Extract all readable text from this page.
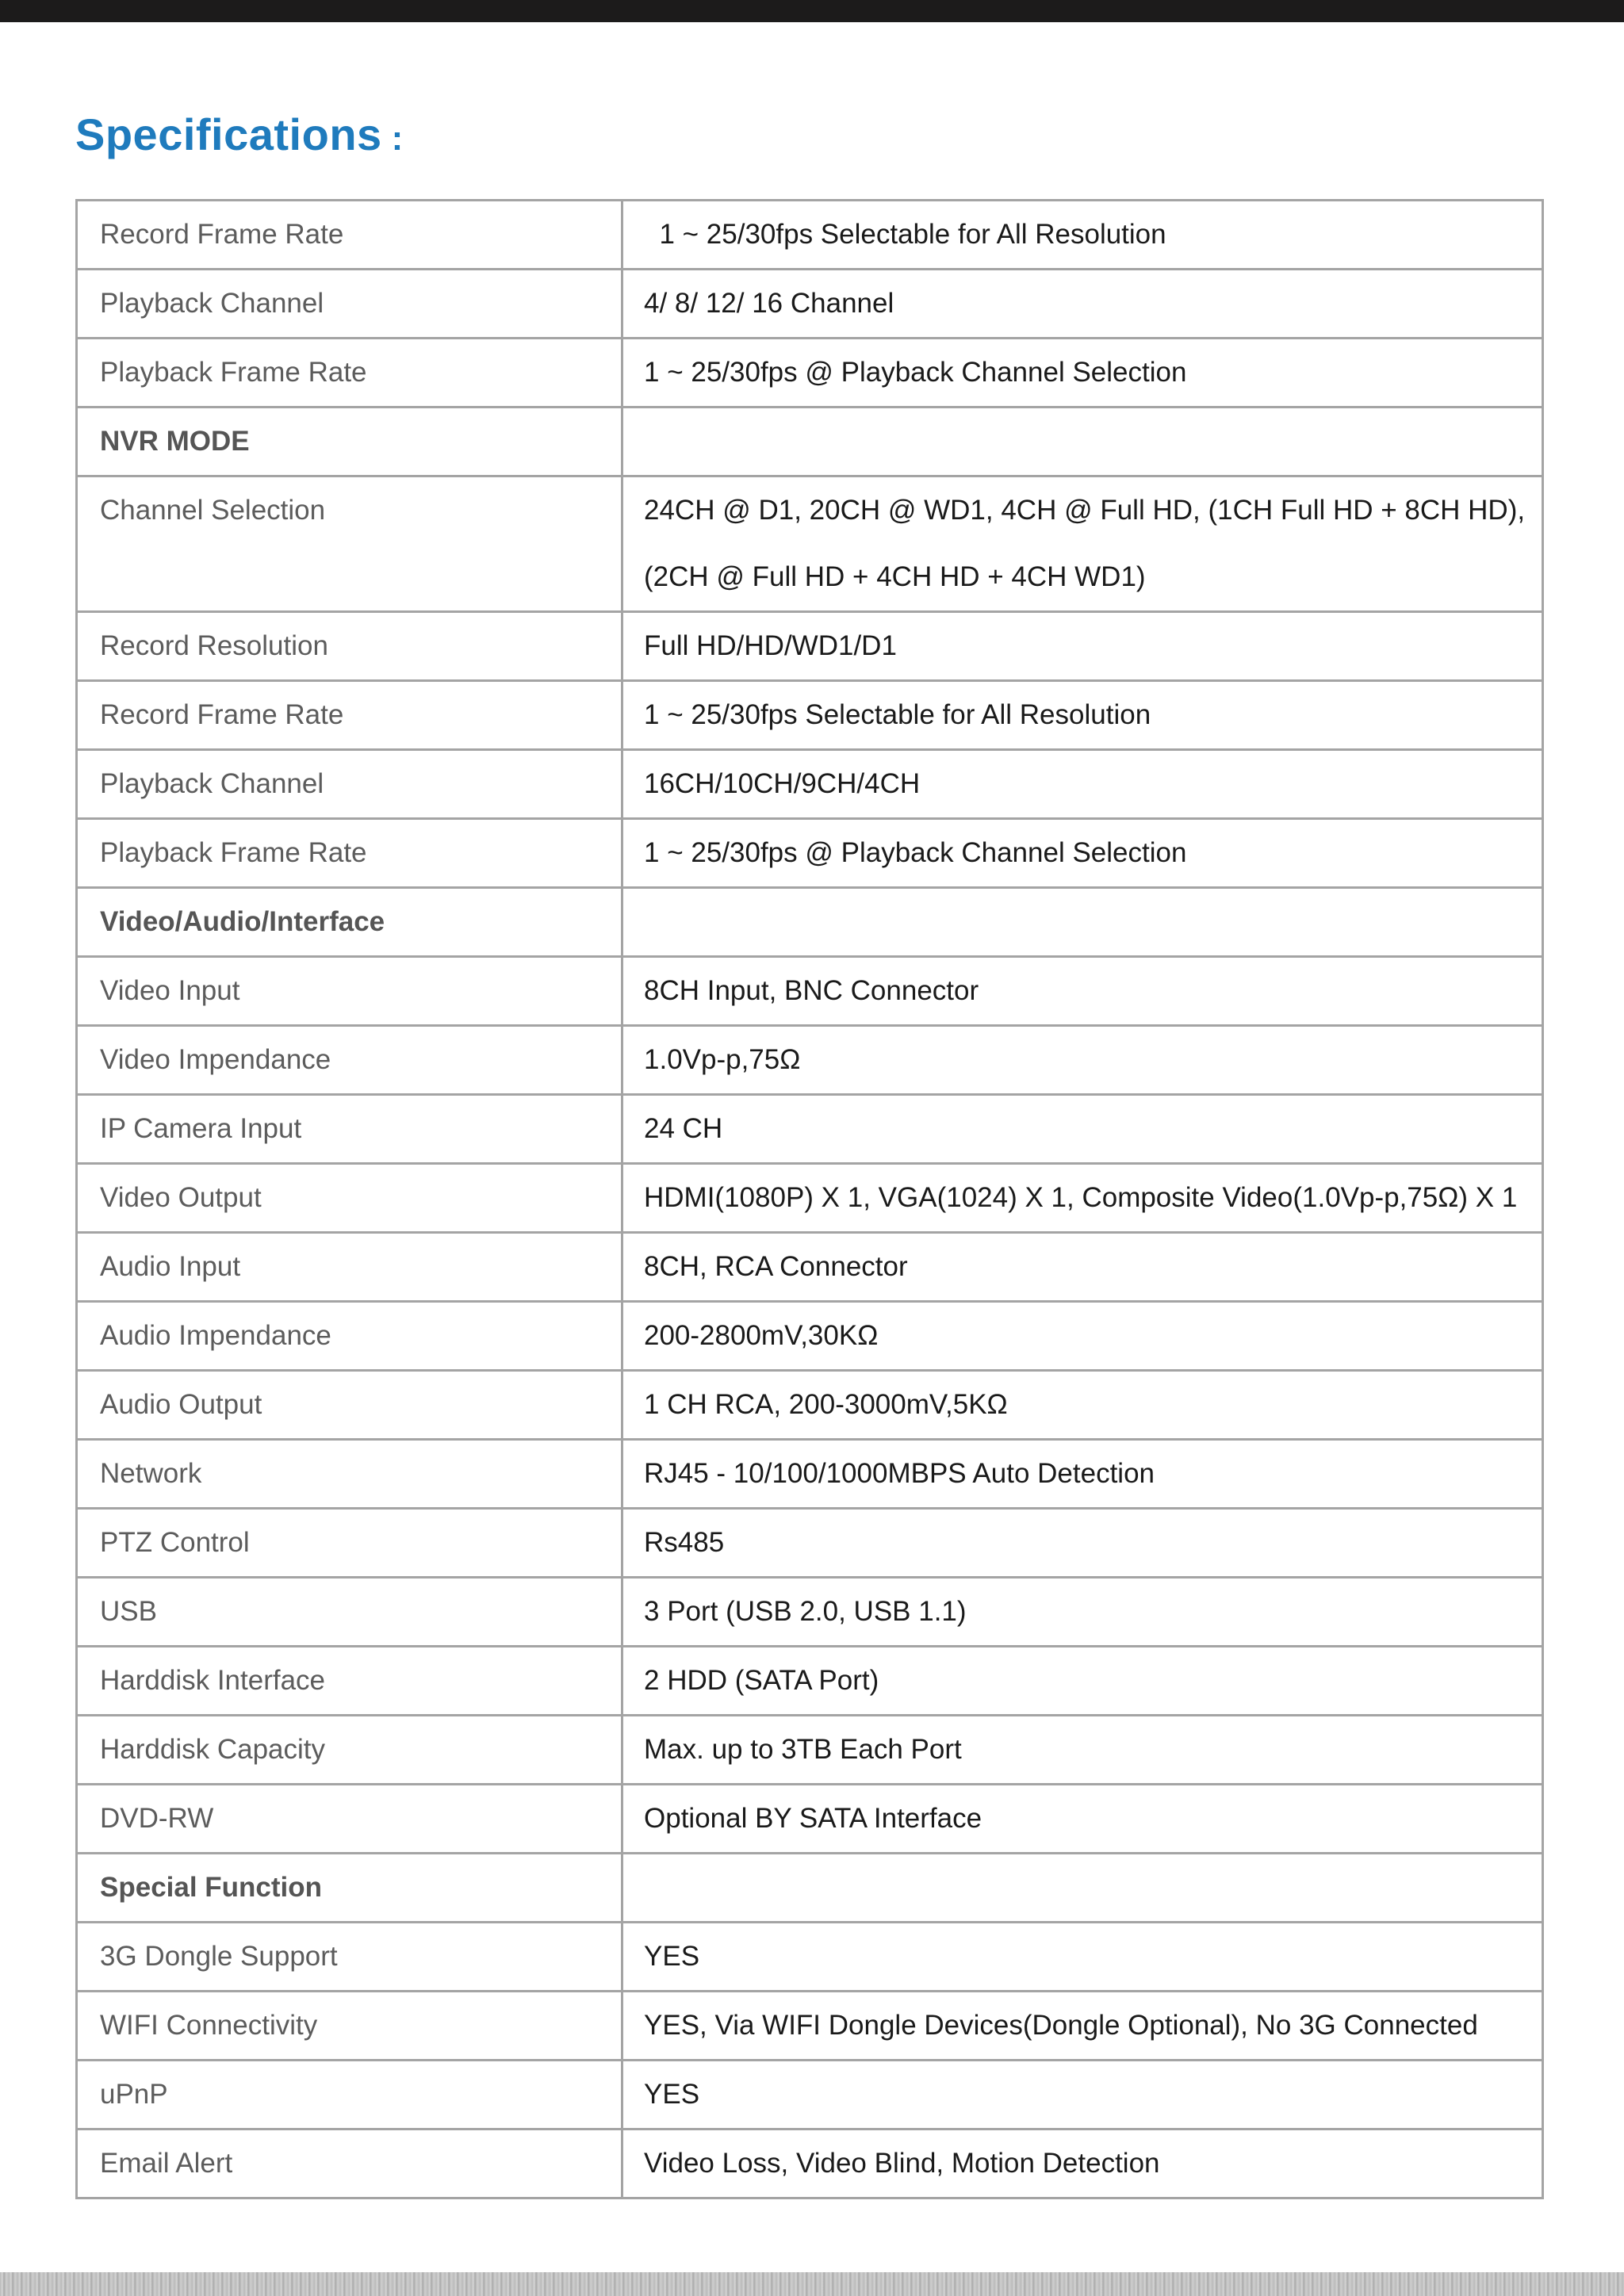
Specifications :
Record Frame Rate	1 ~ 25/30fps Selectable for All Resolution
Playback Channel	4/ 8/ 12/ 16 Channel
Playback Frame Rate	1 ~ 25/30fps @ Playback Channel Selection
NVR MODE	
Channel Selection	24CH @ D1, 20CH @ WD1, 4CH @ Full HD, (1CH Full HD + 8CH HD),
(2CH @ Full HD + 4CH HD + 4CH WD1)

Record Resolution	Full HD/HD/WD1/D1
Record Frame Rate	1 ~ 25/30fps Selectable for All Resolution
Playback Channel	16CH/10CH/9CH/4CH
Playback Frame Rate	1 ~ 25/30fps @ Playback Channel Selection
Video/Audio/Interface	
Video Input	8CH Input, BNC Connector
Video Impendance	1.0Vp-p,75Ω
IP Camera Input	24 CH
Video Output	HDMI(1080P) X 1, VGA(1024) X 1, Composite Video(1.0Vp-p,75Ω) X 1
Audio Input	8CH, RCA Connector
Audio Impendance	200-2800mV,30KΩ
Audio Output	1 CH RCA, 200-3000mV,5KΩ
Network	RJ45 - 10/100/1000MBPS Auto Detection
PTZ Control	Rs485
USB	3 Port (USB 2.0, USB 1.1)
Harddisk Interface	2 HDD (SATA Port)
Harddisk Capacity	Max. up to 3TB Each Port
DVD-RW	Optional BY SATA Interface
Special Function	
3G Dongle Support	YES
WIFI Connectivity	YES, Via WIFI Dongle Devices(Dongle Optional), No 3G Connected
uPnP	YES
Email Alert	Video Loss, Video Blind, Motion Detection
